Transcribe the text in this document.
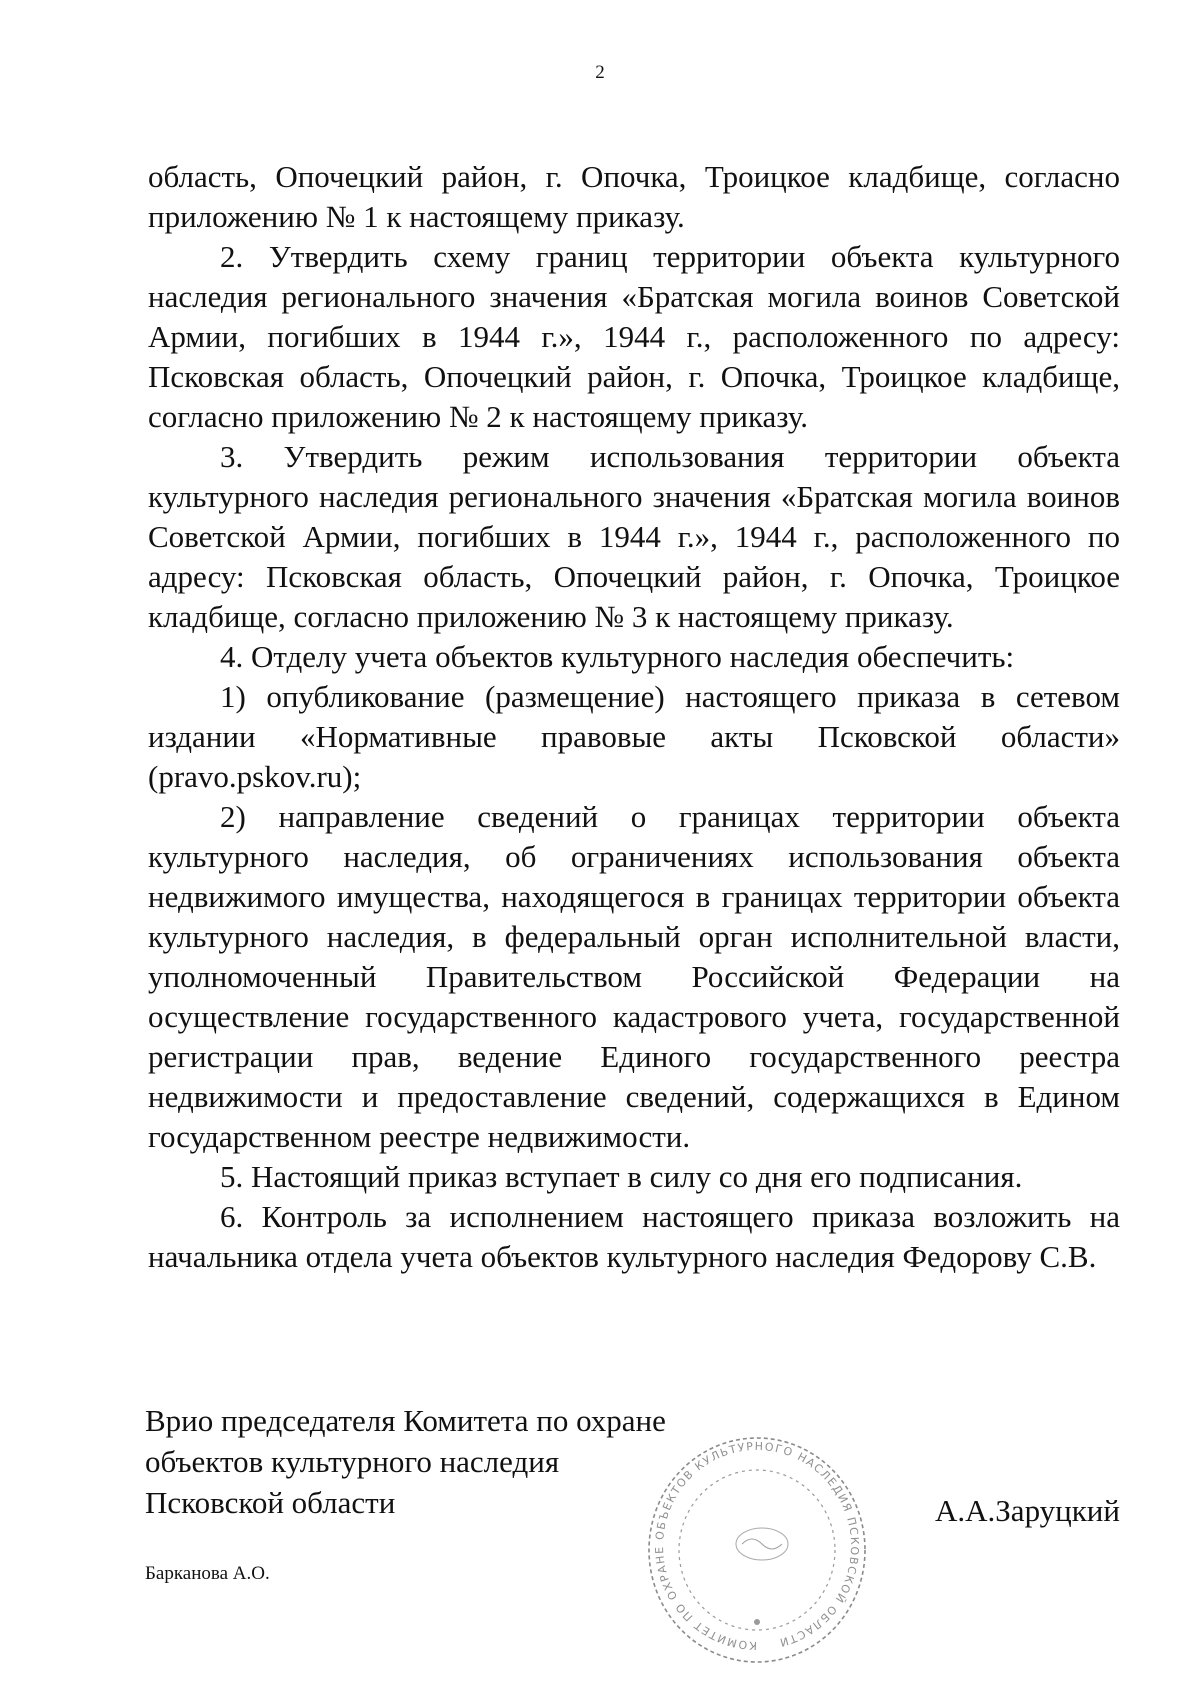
2

область, Опочецкий район, г. Опочка, Троицкое кладбище, согласно приложению № 1 к настоящему приказу.

2. Утвердить схему границ территории объекта культурного наследия регионального значения «Братская могила воинов Советской Армии, погибших в 1944 г.», 1944 г., расположенного по адресу: Псковская область, Опочецкий район, г. Опочка, Троицкое кладбище, согласно приложению № 2 к настоящему приказу.

3. Утвердить режим использования территории объекта культурного наследия регионального значения «Братская могила воинов Советской Армии, погибших в 1944 г.», 1944 г., расположенного по адресу: Псковская область, Опочецкий район, г. Опочка, Троицкое кладбище, согласно приложению № 3 к настоящему приказу.

4. Отделу учета объектов культурного наследия обеспечить:

1) опубликование (размещение) настоящего приказа в сетевом издании «Нормативные правовые акты Псковской области» (pravo.pskov.ru);

2) направление сведений о границах территории объекта культурного наследия, об ограничениях использования объекта недвижимого имущества, находящегося в границах территории объекта культурного наследия, в федеральный орган исполнительной власти, уполномоченный Правительством Российской Федерации на осуществление государственного кадастрового учета, государственной регистрации прав, ведение Единого государственного реестра недвижимости и предоставление сведений, содержащихся в Едином государственном реестре недвижимости.

5. Настоящий приказ вступает в силу со дня его подписания.

6. Контроль за исполнением настоящего приказа возложить на начальника отдела учета объектов культурного наследия Федорову С.В.

Врио председателя Комитета по охране
объектов культурного наследия
Псковской области	А.А.Заруцкий
Барканова А.О.
КОМИТЕТ ПО ОХРАНЕ ОБЪЕКТОВ КУЛЬТУРНОГО НАСЛЕДИЯ ПСКОВСКОЙ ОБЛАСТИ
